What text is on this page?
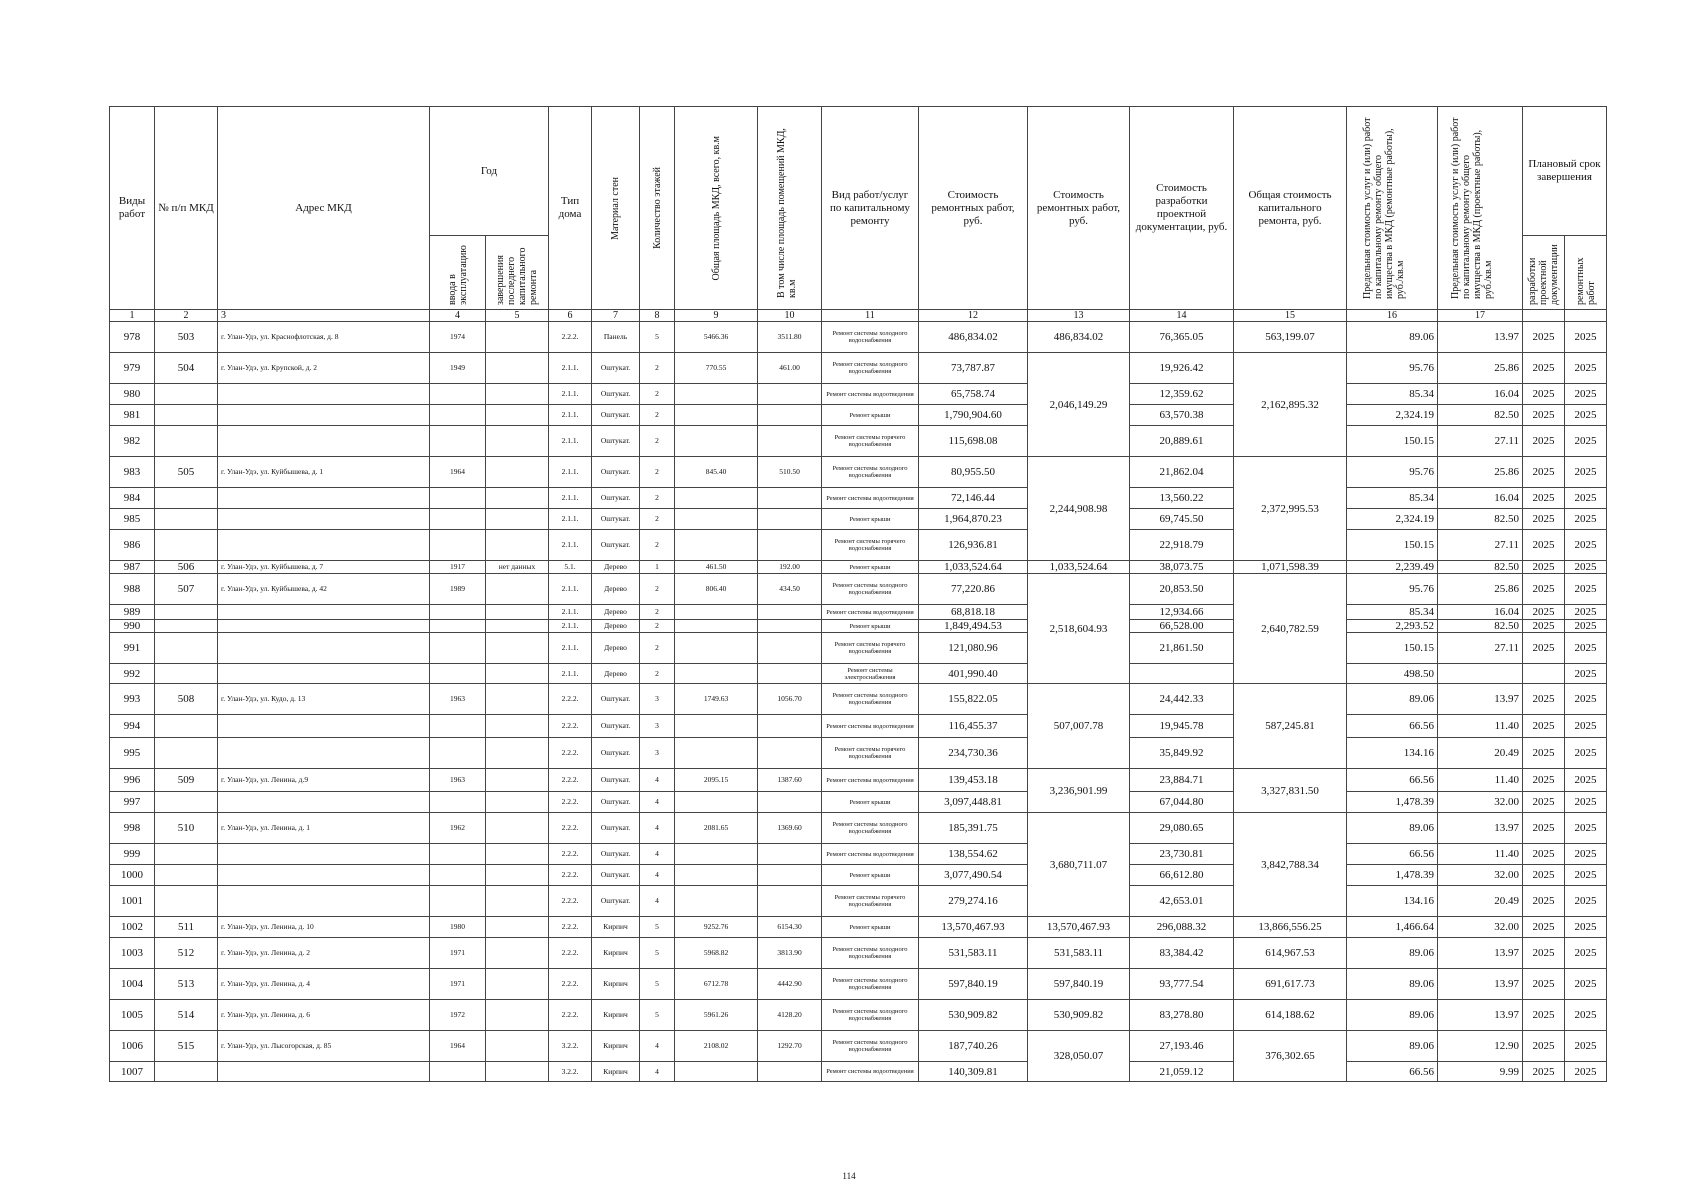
Виды работ	№ п/п МКД	Адрес МКД	Год		Тип дома	Материал стен	Количество этажей	Общая площадь МКД, всего, кв.м	В том числе площадь помещений МКД, кв.м	Вид работ/услуг по капитальному ремонту	Стоимость ремонтных работ, руб.	Стоимость ремонтных работ, руб.	Стоимость разработки проектной документации, руб.	Общая стоимость капитального ремонта, руб.	Предельная стоимость услуг и (или) работ по капитальному ремонту общего имущества в МКД (ремонтные работы), руб./кв.м	Предельная стоимость услуг и (или) работ по капитальному ремонту общего имущества в МКД (проектные работы), руб./кв.м	Плановый срок завершения	

			ввода в эксплуатацию	завершения последнего капитального ремонта													разработки проектной документации	ремонтных работ

1	2	3	4	5	6	7	8	9	10	11	12	13	14	15	16	17		
978	503	г. Улан-Удэ, ул. Краснофлотская, д. 8	1974		2.2.2.	Панель	5	5466.36	3511.80	Ремонт системы холодного водоснабжения	486,834.02	486,834.02	76,365.05	563,199.07	89.06	13.97	2025	2025
979	504	г. Улан-Удэ, ул. Крупской, д. 2	1949		2.1.1.	Оштукат.	2	770.55	461.00	Ремонт системы холодного водоснабжения	73,787.87	2,046,149.29	19,926.42	2,162,895.32	95.76	25.86	2025	2025
980					2.1.1.	Оштукат.	2			Ремонт системы водоотведения	65,758.74		12,359.62		85.34	16.04	2025	2025
981					2.1.1.	Оштукат.	2			Ремонт крыши	1,790,904.60		63,570.38		2,324.19	82.50	2025	2025
982					2.1.1.	Оштукат.	2			Ремонт системы горячего водоснабжения	115,698.08		20,889.61		150.15	27.11	2025	2025
983	505	г. Улан-Удэ, ул. Куйбышева, д. 1	1964		2.1.1.	Оштукат.	2	845.40	510.50	Ремонт системы холодного водоснабжения	80,955.50	2,244,908.98	21,862.04	2,372,995.53	95.76	25.86	2025	2025
984					2.1.1.	Оштукат.	2			Ремонт системы водоотведения	72,146.44		13,560.22		85.34	16.04	2025	2025
985					2.1.1.	Оштукат.	2			Ремонт крыши	1,964,870.23		69,745.50		2,324.19	82.50	2025	2025
986					2.1.1.	Оштукат.	2			Ремонт системы горячего водоснабжения	126,936.81		22,918.79		150.15	27.11	2025	2025
987	506	г. Улан-Удэ, ул. Куйбышева, д. 7	1917	нет данных	5.1.	Дерево	1	461.50	192.00	Ремонт крыши	1,033,524.64	1,033,524.64	38,073.75	1,071,598.39	2,239.49	82.50	2025	2025
988	507	г. Улан-Удэ, ул. Куйбышева, д. 42	1989		2.1.1.	Дерево	2	806.40	434.50	Ремонт системы холодного водоснабжения	77,220.86	2,518,604.93	20,853.50	2,640,782.59	95.76	25.86	2025	2025
989					2.1.1.	Дерево	2			Ремонт системы водоотведения	68,818.18		12,934.66		85.34	16.04	2025	2025
990					2.1.1.	Дерево	2			Ремонт крыши	1,849,494.53		66,528.00		2,293.52	82.50	2025	2025
991					2.1.1.	Дерево	2			Ремонт системы горячего водоснабжения	121,080.96		21,861.50		150.15	27.11	2025	2025
992					2.1.1.	Дерево	2			Ремонт системы электроснабжения	401,990.40				498.50			2025
993	508	г. Улан-Удэ, ул. Кудо, д. 13	1963		2.2.2.	Оштукат.	3	1749.63	1056.70	Ремонт системы холодного водоснабжения	155,822.05	507,007.78	24,442.33	587,245.81	89.06	13.97	2025	2025
994					2.2.2.	Оштукат.	3			Ремонт системы водоотведения	116,455.37		19,945.78		66.56	11.40	2025	2025
995					2.2.2.	Оштукат.	3			Ремонт системы горячего водоснабжения	234,730.36		35,849.92		134.16	20.49	2025	2025
996	509	г. Улан-Удэ, ул. Ленина, д.9	1963		2.2.2.	Оштукат.	4	2095.15	1387.60	Ремонт системы водоотведения	139,453.18	3,236,901.99	23,884.71	3,327,831.50	66.56	11.40	2025	2025
997					2.2.2.	Оштукат.	4			Ремонт крыши	3,097,448.81		67,044.80		1,478.39	32.00	2025	2025
998	510	г. Улан-Удэ, ул. Ленина, д. 1	1962		2.2.2.	Оштукат.	4	2081.65	1369.60	Ремонт системы холодного водоснабжения	185,391.75	3,680,711.07	29,080.65	3,842,788.34	89.06	13.97	2025	2025
999					2.2.2.	Оштукат.	4			Ремонт системы водоотведения	138,554.62		23,730.81		66.56	11.40	2025	2025
1000					2.2.2.	Оштукат.	4			Ремонт крыши	3,077,490.54		66,612.80		1,478.39	32.00	2025	2025
1001					2.2.2.	Оштукат.	4			Ремонт системы горячего водоснабжения	279,274.16		42,653.01		134.16	20.49	2025	2025
1002	511	г. Улан-Удэ, ул. Ленина, д. 10	1980		2.2.2.	Кирпич	5	9252.76	6154.30	Ремонт крыши	13,570,467.93	13,570,467.93	296,088.32	13,866,556.25	1,466.64	32.00	2025	2025
1003	512	г. Улан-Удэ, ул. Ленина, д. 2	1971		2.2.2.	Кирпич	5	5968.82	3813.90	Ремонт системы холодного водоснабжения	531,583.11	531,583.11	83,384.42	614,967.53	89.06	13.97	2025	2025
1004	513	г. Улан-Удэ, ул. Ленина, д. 4	1971		2.2.2.	Кирпич	5	6712.78	4442.90	Ремонт системы холодного водоснабжения	597,840.19	597,840.19	93,777.54	691,617.73	89.06	13.97	2025	2025
1005	514	г. Улан-Удэ, ул. Ленина, д. 6	1972		2.2.2.	Кирпич	5	5961.26	4128.20	Ремонт системы холодного водоснабжения	530,909.82	530,909.82	83,278.80	614,188.62	89.06	13.97	2025	2025
1006	515	г. Улан-Удэ, ул. Лысогорская, д. 85	1964		3.2.2.	Кирпич	4	2108.02	1292.70	Ремонт системы холодного водоснабжения	187,740.26	328,050.07	27,193.46	376,302.65	89.06	12.90	2025	2025
1007					3.2.2.	Кирпич	4			Ремонт системы водоотведения	140,309.81		21,059.12		66.56	9.99	2025	2025
114
